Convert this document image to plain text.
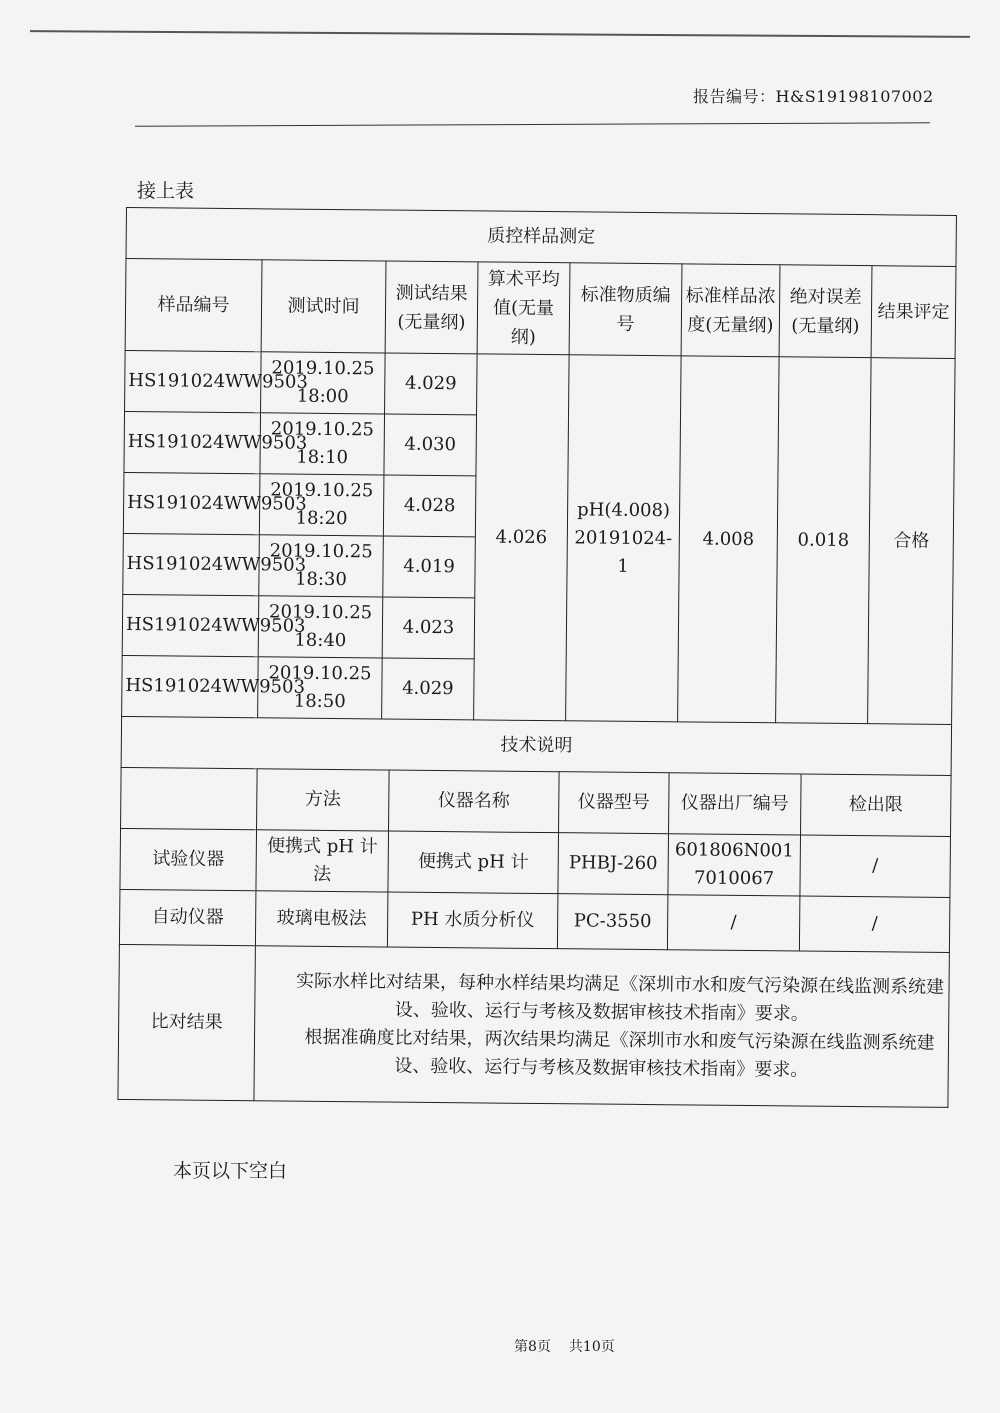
报告编号：H&S19198107002
接上表
质控样品测定							
样品编号	测试时间	测试结果(无量纲)	算术平均值(无量纲)	标准物质编号	标准样品浓度(无量纲)	绝对误差(无量纲)	结果评定
HS191024WW9503	2019.10.25 18:00	4.029	4.026	pH(4.008) 20191024-1	4.008	0.018	合格
HS191024WW9503	2019.10.25 18:10	4.030					
HS191024WW9503	2019.10.25 18:20	4.028					
HS191024WW9503	2019.10.25 18:30	4.019					
HS191024WW9503	2019.10.25 18:40	4.023					
HS191024WW9503	2019.10.25 18:50	4.029					
技术说明					
	方法	仪器名称	仪器型号	仪器出厂编号	检出限
试验仪器	便携式 pH 计法	便携式 pH 计	PHBJ-260	601806N0017010067	/
自动仪器	玻璃电极法	PH 水质分析仪	PC-3550	/	/
比对结果	实际水样比对结果，每种水样结果均满足《深圳市水和废气污染源在线监测系统建设、验收、运行与考核及数据审核技术指南》要求。

根据准确度比对结果，两次结果均满足《深圳市水和废气污染源在线监测系统建设、验收、运行与考核及数据审核技术指南》要求。				

本页以下空白
第8页 共10页
